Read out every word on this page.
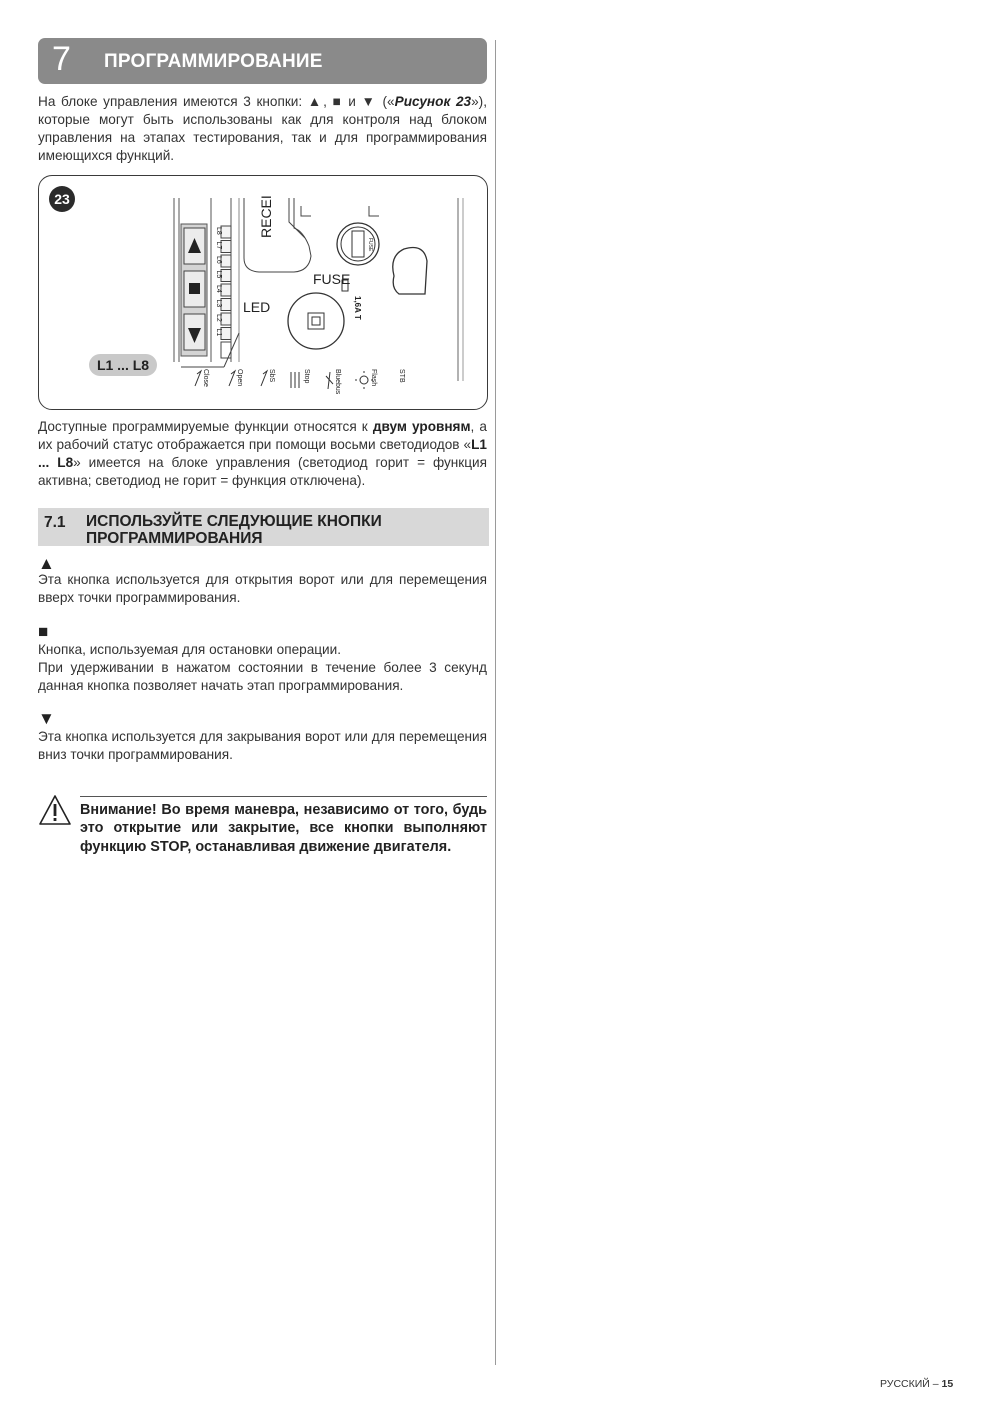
7 ПРОГРАММИРОВАНИЕ
На блоке управления имеются 3 кнопки: ▲, ■ и ▼ («Рисунок 23»), которые могут быть использованы как для контроля над блоком управления на этапах тестирования, так и для программирования имеющихся функций.
L8
L7
L6
L5
L4
L3
L2
L1
RECEI
FUSE
LED	1,6A T
FUSE
Close	Open	SbS	Stop	Bluebus	Flash	STB
23
L1 ... L8
Доступные программируемые функции относятся к двум уровням, а их рабочий статус отображается при помощи восьми светодиодов «L1 ... L8» имеется на блоке управления (светодиод горит = функция активна; светодиод не горит = функция отключена).
7.1 ИСПОЛЬЗУЙТЕ СЛЕДУЮЩИЕ КНОПКИ ПРОГРАММИРОВАНИЯ
▲
Эта кнопка используется для открытия ворот или для перемещения вверх точки программирования.
■
Кнопка, используемая для остановки операции.
При удерживании в нажатом состоянии в течение более 3 секунд данная кнопка позволяет начать этап программирования.
▼
Эта кнопка используется для закрывания ворот или для перемещения вниз точки программирования.
Внимание! Во время маневра, независимо от того, будь это открытие или закрытие, все кнопки выполняют функцию STOP, останавливая движение двигателя.
РУССКИЙ – 15
